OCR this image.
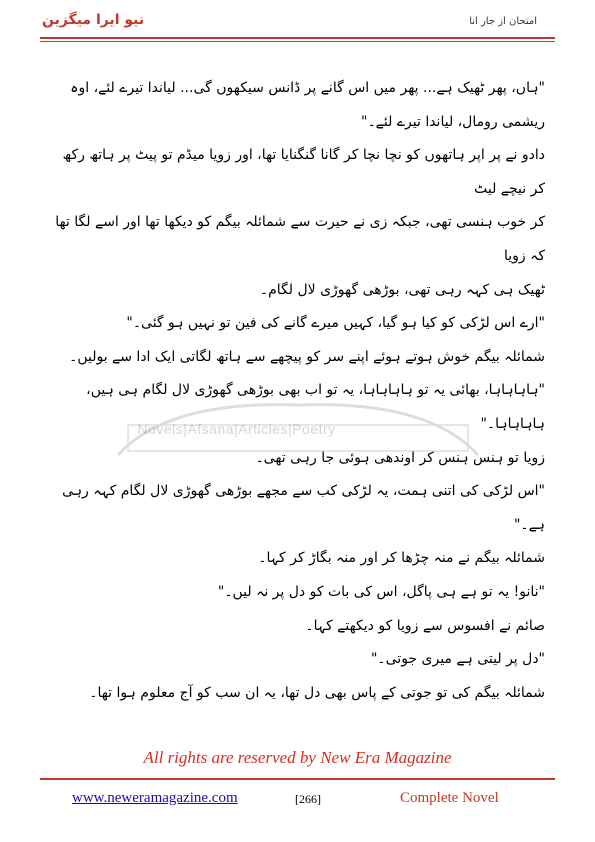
نیو ایرا میگزین	امتحان از جار انا
Novels|Afsana|Articles|Poetry

"ہاں، پھر ٹھیک ہے... پھر میں اس گانے پر ڈانس سیکھوں گی... لیاندا تیرے لئے، اوہ

ریشمی رومال، لیاندا تیرے لئے۔"

دادو نے پر اپر ہاتھوں کو نچا نچا کر گانا گنگنایا تھا، اور زویا میڈم تو پیٹ پر ہاتھ رکھ کر نیچے لیٹ

کر خوب ہنسی تھی، جبکہ زی نے حیرت سے شمائلہ بیگم کو دیکھا تھا اور اسے لگا تھا کہ زویا

ٹھیک ہی کہہ رہی تھی، بوڑھی گھوڑی لال لگام۔

"ارے اس لڑکی کو کیا ہو گیا، کہیں میرے گانے کی فین تو نہیں ہو گئی۔"

شمائلہ بیگم خوش ہوتے ہوئے اپنے سر کو پیچھے سے ہاتھ لگاتی ایک ادا سے بولیں۔

"ہاہاہاہا، بھائی یہ تو ہاہاہاہا، یہ تو اب بھی بوڑھی گھوڑی لال لگام ہی ہیں، ہاہاہاہا۔"

زویا تو ہنس ہنس کر اوندھی ہوئی جا رہی تھی۔

"اس لڑکی کی اتنی ہمت، یہ لڑکی کب سے مجھے بوڑھی گھوڑی لال لگام کہہ رہی ہے۔"

شمائلہ بیگم نے منہ چڑھا کر اور منہ بگاڑ کر کہا۔

"نانو! یہ تو ہے ہی پاگل، اس کی بات کو دل پر نہ لیں۔"

صائم نے افسوس سے زویا کو دیکھتے کہا۔

"دل پر لیتی ہے میری جوتی۔"

شمائلہ بیگم کی تو جوتی کے پاس بھی دل تھا، یہ ان سب کو آج معلوم ہوا تھا۔

All rights are reserved by New Era Magazine
www.neweramagazine.com	[266]	Complete Novel
